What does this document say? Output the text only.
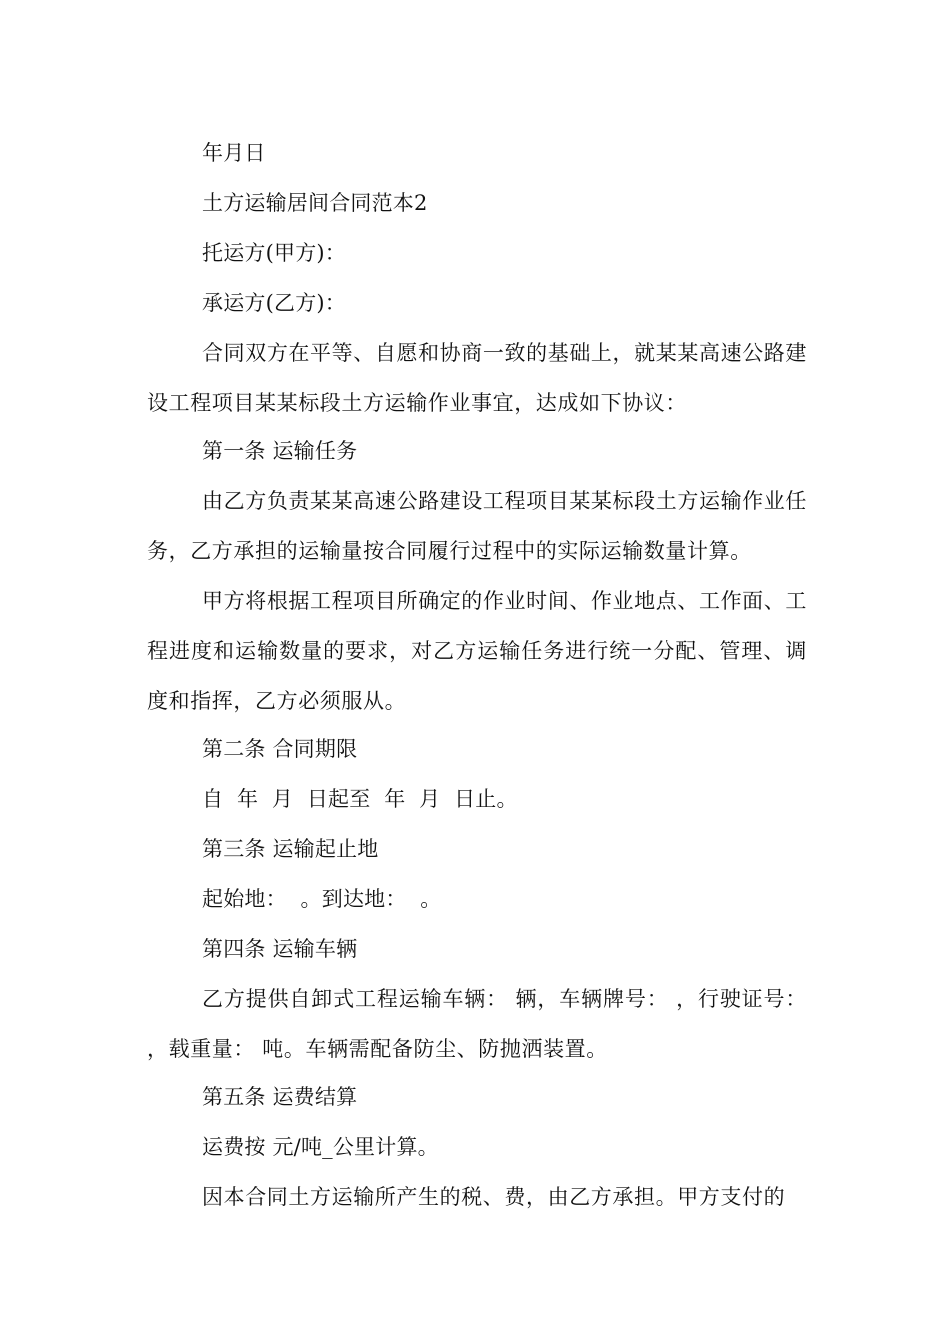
年月日
土方运输居间合同范本2
托运方(甲方)：
承运方(乙方)：
合同双方在平等、自愿和协商一致的基础上，就某某高速公路建设工程项目某某标段土方运输作业事宜，达成如下协议：
第一条 运输任务
由乙方负责某某高速公路建设工程项目某某标段土方运输作业任务，乙方承担的运输量按合同履行过程中的实际运输数量计算。
甲方将根据工程项目所确定的作业时间、作业地点、工作面、工程进度和运输数量的要求，对乙方运输任务进行统一分配、管理、调度和指挥，乙方必须服从。
第二条 合同期限
自  年  月  日起至  年  月  日止。
第三条 运输起止地
起始地：  。到达地：  。
第四条 运输车辆
乙方提供自卸式工程运输车辆： 辆，车辆牌号： ，行驶证号： ，载重量： 吨。车辆需配备防尘、防抛洒装置。
第五条 运费结算
运费按 元/吨_公里计算。
因本合同土方运输所产生的税、费，由乙方承担。甲方支付的
